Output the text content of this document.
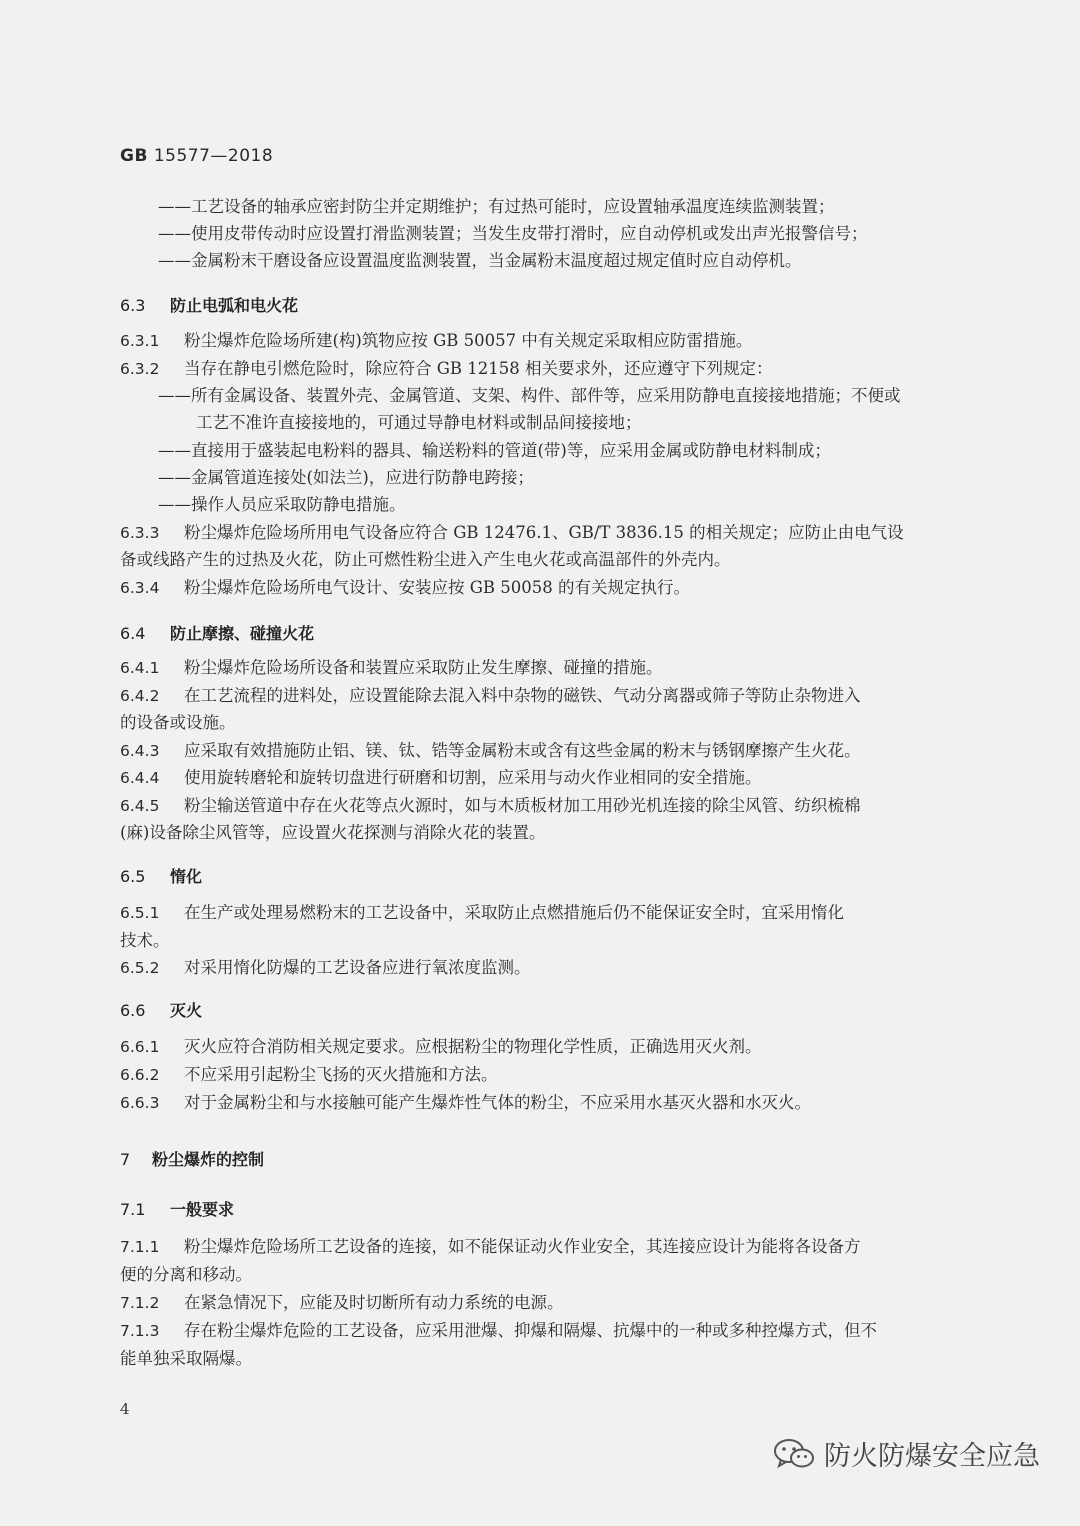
GB 15577—2018
——工艺设备的轴承应密封防尘并定期维护；有过热可能时，应设置轴承温度连续监测装置；
——使用皮带传动时应设置打滑监测装置；当发生皮带打滑时，应自动停机或发出声光报警信号；
——金属粉末干磨设备应设置温度监测装置，当金属粉末温度超过规定值时应自动停机。
6.3 防止电弧和电火花
6.3.1 粉尘爆炸危险场所建(构)筑物应按 GB 50057 中有关规定采取相应防雷措施。
6.3.2 当存在静电引燃危险时，除应符合 GB 12158 相关要求外，还应遵守下列规定：
——所有金属设备、装置外壳、金属管道、支架、构件、部件等，应采用防静电直接接地措施；不便或
工艺不准许直接接地的，可通过导静电材料或制品间接接地；
——直接用于盛装起电粉料的器具、输送粉料的管道(带)等，应采用金属或防静电材料制成；
——金属管道连接处(如法兰)，应进行防静电跨接；
——操作人员应采取防静电措施。
6.3.3 粉尘爆炸危险场所用电气设备应符合 GB 12476.1、GB/T 3836.15 的相关规定；应防止由电气设
备或线路产生的过热及火花，防止可燃性粉尘进入产生电火花或高温部件的外壳内。
6.3.4 粉尘爆炸危险场所电气设计、安装应按 GB 50058 的有关规定执行。
6.4 防止摩擦、碰撞火花
6.4.1 粉尘爆炸危险场所设备和装置应采取防止发生摩擦、碰撞的措施。
6.4.2 在工艺流程的进料处，应设置能除去混入料中杂物的磁铁、气动分离器或筛子等防止杂物进入
的设备或设施。
6.4.3 应采取有效措施防止铝、镁、钛、锆等金属粉末或含有这些金属的粉末与锈钢摩擦产生火花。
6.4.4 使用旋转磨轮和旋转切盘进行研磨和切割，应采用与动火作业相同的安全措施。
6.4.5 粉尘输送管道中存在火花等点火源时，如与木质板材加工用砂光机连接的除尘风管、纺织梳棉
(麻)设备除尘风管等，应设置火花探测与消除火花的装置。
6.5 惰化
6.5.1 在生产或处理易燃粉末的工艺设备中，采取防止点燃措施后仍不能保证安全时，宜采用惰化
技术。
6.5.2 对采用惰化防爆的工艺设备应进行氧浓度监测。
6.6 灭火
6.6.1 灭火应符合消防相关规定要求。应根据粉尘的物理化学性质，正确选用灭火剂。
6.6.2 不应采用引起粉尘飞扬的灭火措施和方法。
6.6.3 对于金属粉尘和与水接触可能产生爆炸性气体的粉尘，不应采用水基灭火器和水灭火。
7 粉尘爆炸的控制
7.1 一般要求
7.1.1 粉尘爆炸危险场所工艺设备的连接，如不能保证动火作业安全，其连接应设计为能将各设备方
便的分离和移动。
7.1.2 在紧急情况下，应能及时切断所有动力系统的电源。
7.1.3 存在粉尘爆炸危险的工艺设备，应采用泄爆、抑爆和隔爆、抗爆中的一种或多种控爆方式，但不
能单独采取隔爆。
4
防火防爆安全应急
